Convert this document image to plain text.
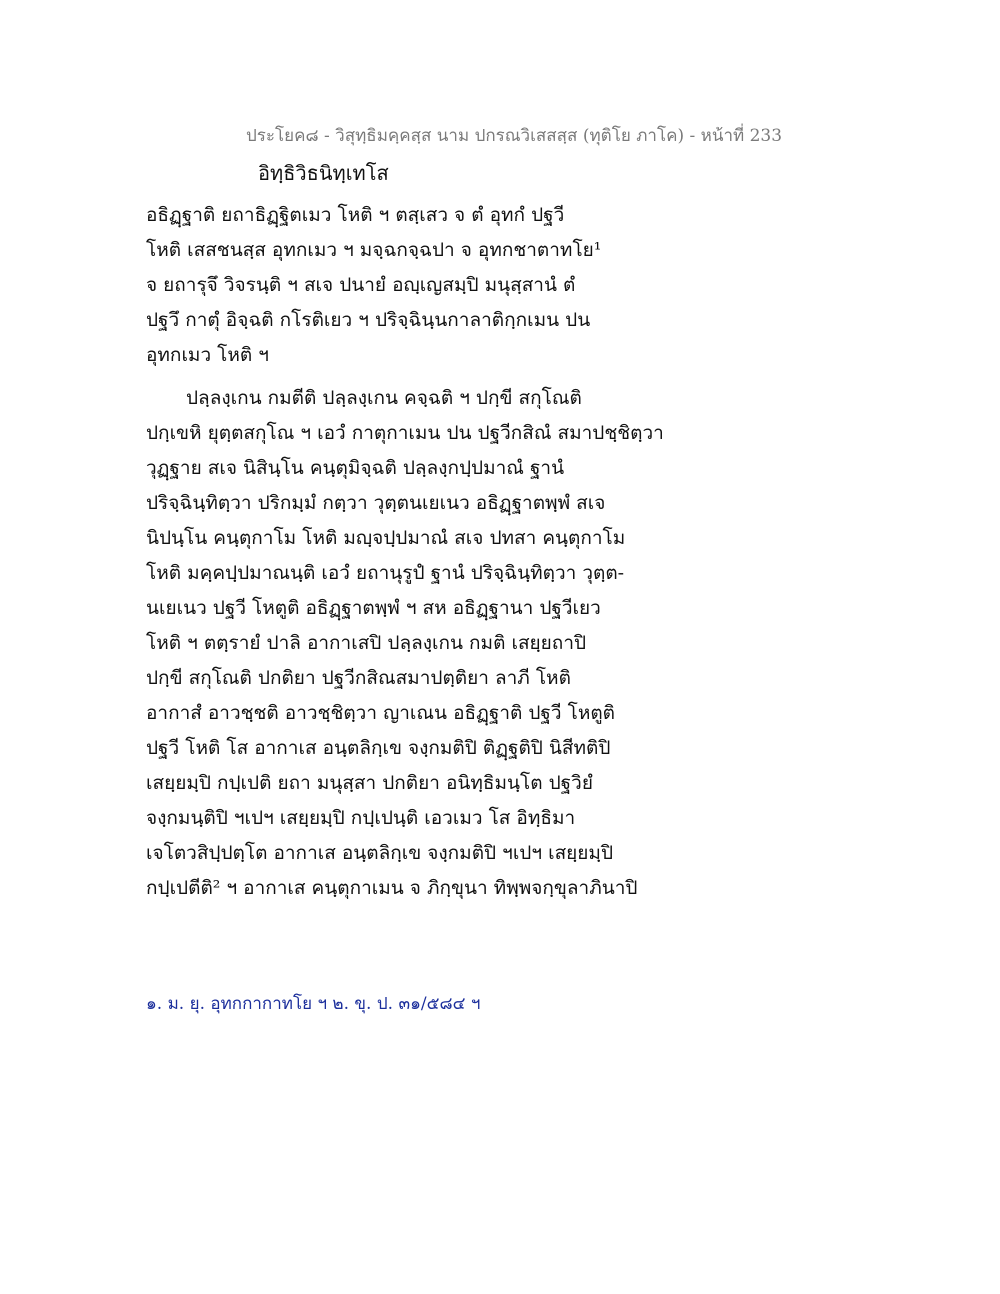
ประโยค๘ - วิสุทฺธิมคฺคสฺส นาม ปกรณวิเสสสฺส (ทุติโย ภาโค) - หน้าที่ 233
อิทฺธิวิธนิทฺเทโส
อธิฏฺฐาติ ยถาธิฏฺฐิตเมว โหติ ฯ ตสฺเสว จ ตํ อุทกํ ปฐวี
โหติ เสสชนสฺส อุทกเมว ฯ มจฺฉกจฺฉปา จ อุทกชาตาทโย¹
จ ยถารุจึ วิจรนฺติ ฯ สเจ ปนายํ อญฺเญสมฺปิ มนุสฺสานํ ตํ
ปฐวึ กาตุํ อิจฺฉติ กโรติเยว ฯ ปริจฺฉินฺนกาลาติกฺกเมน ปน
อุทกเมว โหติ ฯ
ปลฺลงฺเกน กมตีติ ปลฺลงฺเกน คจฺฉติ ฯ ปกฺขี สกุโณติ
ปกฺเขหิ ยุตฺตสกุโณ ฯ เอวํ กาตุกาเมน ปน ปฐวีกสิณํ สมาปชฺชิตฺวา
วุฏฺฐาย สเจ นิสินฺโน คนฺตุมิจฺฉติ ปลฺลงฺกปฺปมาณํ ฐานํ
ปริจฺฉินฺทิตฺวา ปริกมฺมํ กตฺวา วุตฺตนเยเนว อธิฏฺฐาตพฺพํ สเจ
นิปนฺโน คนฺตุกาโม โหติ มญฺจปฺปมาณํ สเจ ปทสา คนฺตุกาโม
โหติ มคฺคปฺปมาณนฺติ เอวํ ยถานุรูปํ ฐานํ ปริจฺฉินฺทิตฺวา วุตฺต-
นเยเนว ปฐวี โหตูติ อธิฏฺฐาตพฺพํ ฯ สห อธิฏฺฐานา ปฐวีเยว
โหติ ฯ ตตฺรายํ ปาลิ อากาเสปิ ปลฺลงฺเกน กมติ เสยฺยถาปิ
ปกฺขี สกุโณติ ปกติยา ปฐวีกสิณสมาปตฺติยา ลาภี โหติ
อากาสํ อาวชฺชติ อาวชฺชิตฺวา ญาเณน อธิฏฺฐาติ ปฐวี โหตูติ
ปฐวี โหติ โส อากาเส อนฺตลิกฺเข จงฺกมติปิ ติฏฺฐติปิ นิสีทติปิ
เสยฺยมฺปิ กปฺเปติ ยถา มนุสฺสา ปกติยา อนิทฺธิมนฺโต ปฐวิยํ
จงฺกมนฺติปิ ฯเปฯ เสยฺยมฺปิ กปฺเปนฺติ เอวเมว โส อิทฺธิมา
เจโตวสิปฺปตฺโต อากาเส อนฺตลิกฺเข จงฺกมติปิ ฯเปฯ เสยฺยมฺปิ
กปฺเปตีติ² ฯ อากาเส คนฺตุกาเมน จ ภิกฺขุนา ทิพฺพจกฺขุลาภินาปิ
๑. ม. ยุ. อุทกกากาทโย ฯ ๒. ขุ. ป. ๓๑/๕๘๔ ฯ
